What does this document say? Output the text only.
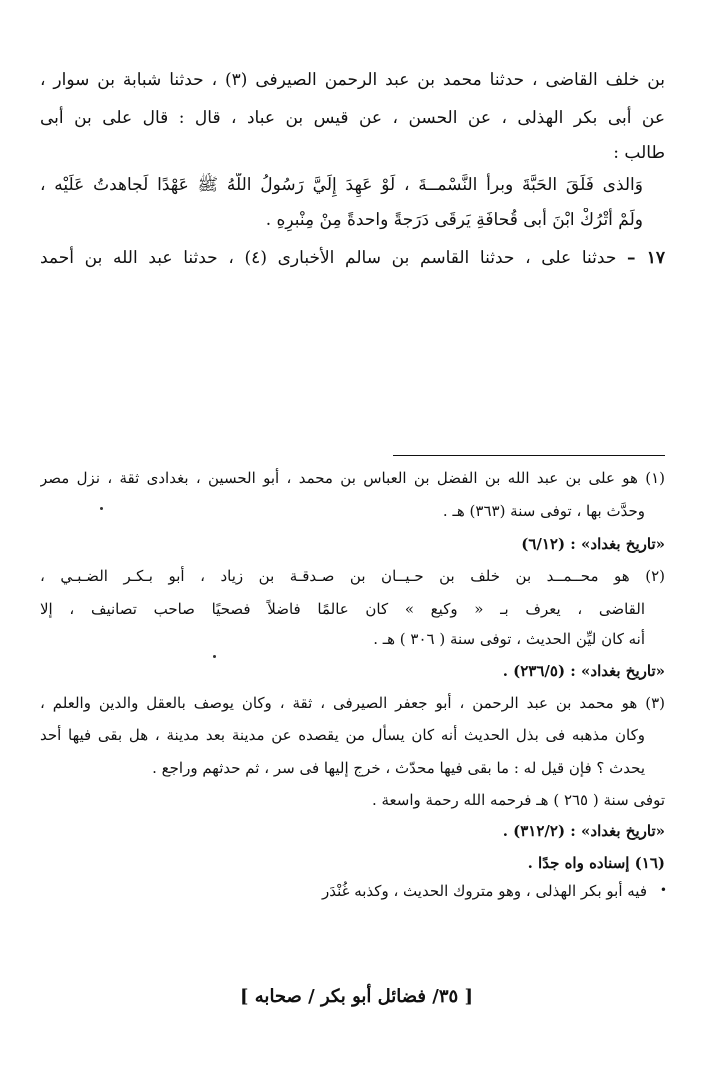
بن خلف القاضى ، حدثنا محمد بن عبد الرحمن الصيرفى (٣) ، حدثنا شبابة بن سوار ،
عن أبى بكر الهذلى ، عن الحسن ، عن قيس بن عباد ، قال : قال على بن أبى
طالب :
وَالذى فَلَقَ الحَبَّةَ وبرأ النَّسْمــةَ ، لَوْ عَهِدَ إِلَيَّ رَسُولُ اللَّهُ ﷺ عَهْدًا لَجاهدتُ عَلَيْه ،
ولَمْ أَتْرُكْ ابْنَ أَبى قُحافَةِ يَرقَى دَرَجةً واحدةً مِنْ مِنْبرِهِ .
١٧ – حدثنا على ، حدثنا القاسم بن سالم الأخبارى (٤) ، حدثنا عبد الله بن أحمد
(١) هو على بن عبد الله بن الفضل بن العباس بن محمد ، أبو الحسين ، بغدادى ثقة ، نزل مصر
وحدَّث بها ، توفى سنة (٣٦٣) هـ .
«تاريخ بغداد» : (٦/١٢)
(٢) هو محــمــد بن خلف بن حـيــان بن صـدقـة بن زياد ، أبو بـكـر الضـبـي ،
القاضى ، يعرف بـ « وكيع » كان عالمًا فاضلاً فصحيًا صاحب تصانيف ، إلا
أنه كان ليِّن الحديث ، توفى سنة ( ٣٠٦ ) هـ .
«تاريخ بغداد» : (٢٣٦/٥) .
(٣) هو محمد بن عبد الرحمن ، أبو جعفر الصيرفى ، ثقة ، وكان يوصف بالعقل والدين والعلم ،
وكان مذهبه فى بذل الحديث أنه كان يسأل من يقصده عن مدينة بعد مدينة ، هل بقى فيها أحد
يحدث ؟ فإن قيل له : ما بقى فيها محدّث ، خرج إليها فى سر ، ثم حدثهم وراجع .
توفى سنة ( ٢٦٥ ) هـ فرحمه الله رحمة واسعة .
«تاريخ بغداد» : (٣١٢/٢) .
(١٦) إسناده واه جدًا .
فيه أبو بكر الهذلى ، وهو متروك الحديث ، وكذبه غُنْدَر •
[ ٣٥/ فضائل أبو بكر / صحابه ]
